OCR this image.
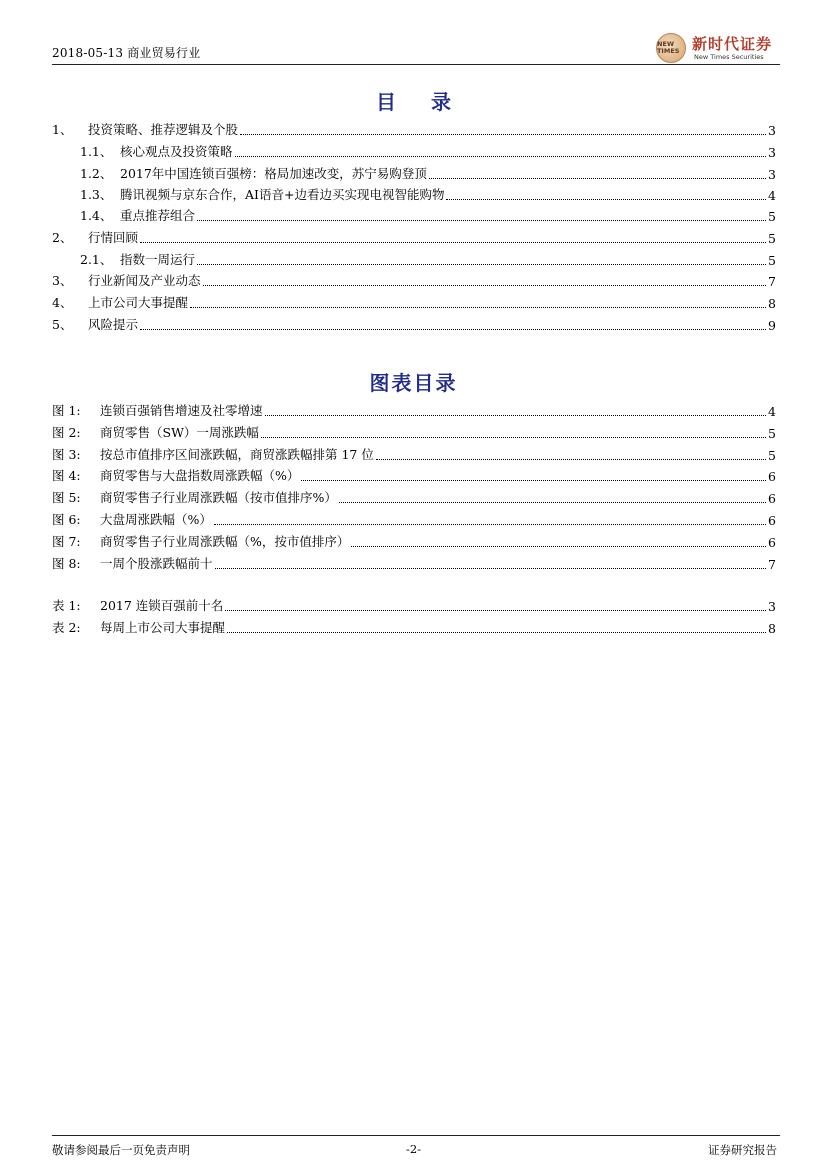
2018-05-13 商业贸易行业
NEW TIMES 新时代证券
New Times Securities
目 录
1、	投资策略、推荐逻辑及个股	3
1.1、 核心观点及投资策略	3
1.2、 2017年中国连锁百强榜：格局加速改变，苏宁易购登顶	3
1.3、 腾讯视频与京东合作，AI语音+边看边买实现电视智能购物	4
1.4、 重点推荐组合	5
2、	行情回顾	5
2.1、 指数一周运行	5
3、	行业新闻及产业动态	7
4、	上市公司大事提醒	8
5、	风险提示	9
图表目录
图 1:	连锁百强销售增速及社零增速	4
图 2:	商贸零售（SW）一周涨跌幅	5
图 3:	按总市值排序区间涨跌幅，商贸涨跌幅排第 17 位	5
图 4:	商贸零售与大盘指数周涨跌幅（%）	6
图 5:	商贸零售子行业周涨跌幅（按市值排序%）	6
图 6:	大盘周涨跌幅（%）	6
图 7:	商贸零售子行业周涨跌幅（%，按市值排序）	6
图 8:	一周个股涨跌幅前十	7
表 1:	2017 连锁百强前十名	3
表 2:	每周上市公司大事提醒	8
敬请参阅最后一页免责声明	-2-	证券研究报告
